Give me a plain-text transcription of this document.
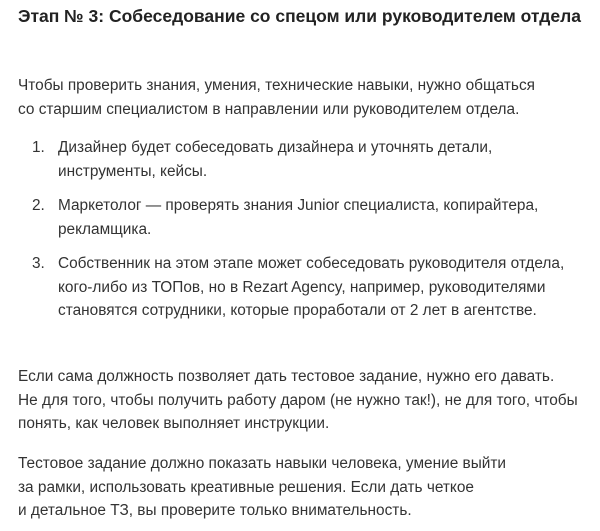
Этап № 3: Собеседование со спецом или руководителем отдела
Чтобы проверить знания, умения, технические навыки, нужно общаться
со старшим специалистом в направлении или руководителем отдела.
1. Дизайнер будет собеседовать дизайнера и уточнять детали,
инструменты, кейсы.
2. Маркетолог — проверять знания Junior специалиста, копирайтера,
рекламщика.
3. Собственник на этом этапе может собеседовать руководителя отдела,
кого-либо из ТОПов, но в Rezart Agency, например, руководителями
становятся сотрудники, которые проработали от 2 лет в агентстве.
Если сама должность позволяет дать тестовое задание, нужно его давать.
Не для того, чтобы получить работу даром (не нужно так!), не для того, чтобы
понять, как человек выполняет инструкции.
Тестовое задание должно показать навыки человека, умение выйти
за рамки, использовать креативные решения. Если дать четкое
и детальное ТЗ, вы проверите только внимательность.
